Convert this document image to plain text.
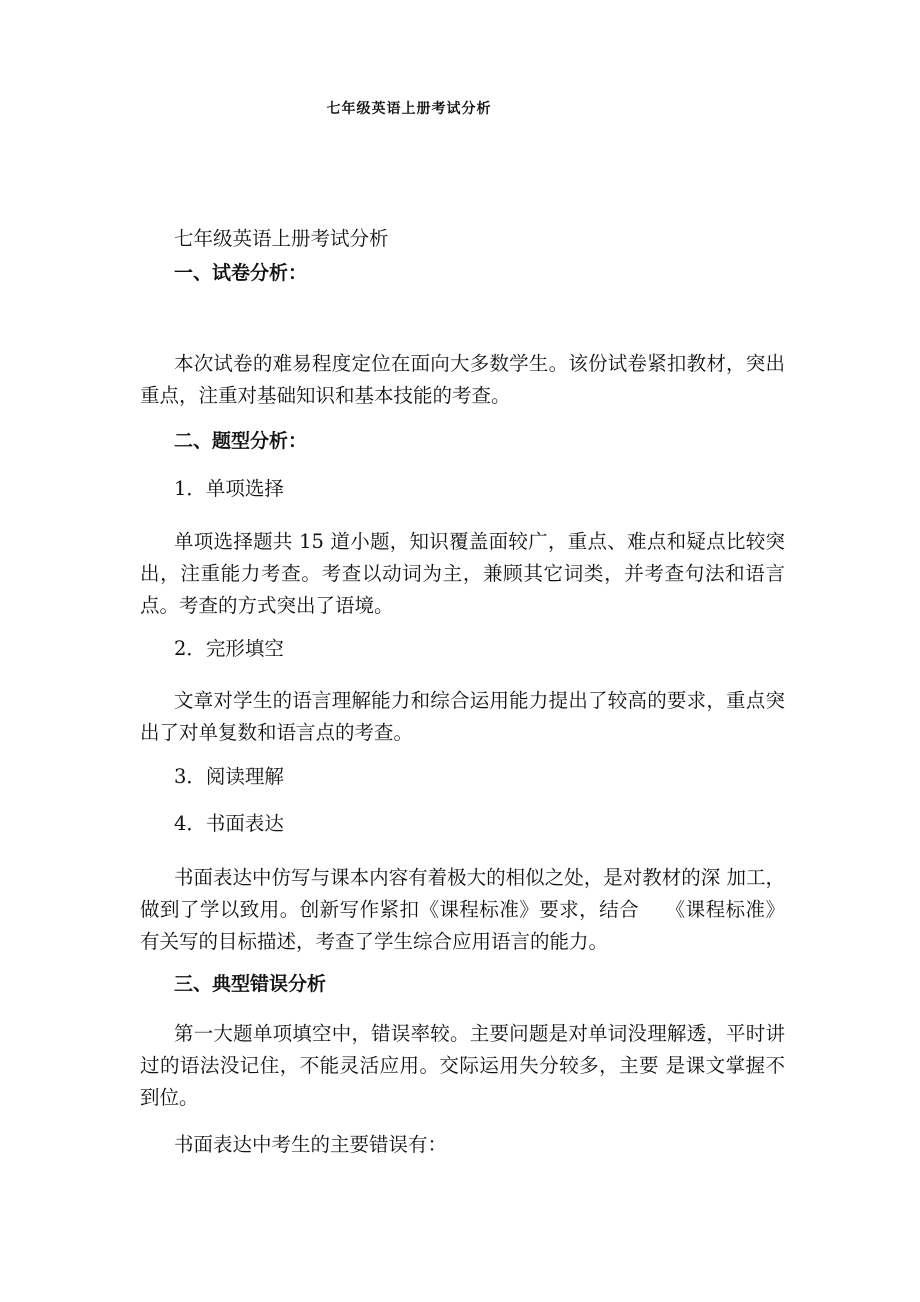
七年级英语上册考试分析
七年级英语上册考试分析
一、试卷分析：
本次试卷的难易程度定位在面向大多数学生。该份试卷紧扣教材，突出重点，注重对基础知识和基本技能的考查。
二、题型分析：
1．单项选择
单项选择题共 15 道小题，知识覆盖面较广，重点、难点和疑点比较突出，注重能力考查。考查以动词为主，兼顾其它词类，并考查句法和语言点。考查的方式突出了语境。
2．完形填空
文章对学生的语言理解能力和综合运用能力提出了较高的要求，重点突出了对单复数和语言点的考查。
3．阅读理解
4．书面表达
书面表达中仿写与课本内容有着极大的相似之处，是对教材的深 加工，做到了学以致用。创新写作紧扣《课程标准》要求，结合　 《课程标准》有关写的目标描述，考查了学生综合应用语言的能力。
三、典型错误分析
第一大题单项填空中，错误率较。主要问题是对单词没理解透，平时讲过的语法没记住，不能灵活应用。交际运用失分较多，主要 是课文掌握不到位。
书面表达中考生的主要错误有：
